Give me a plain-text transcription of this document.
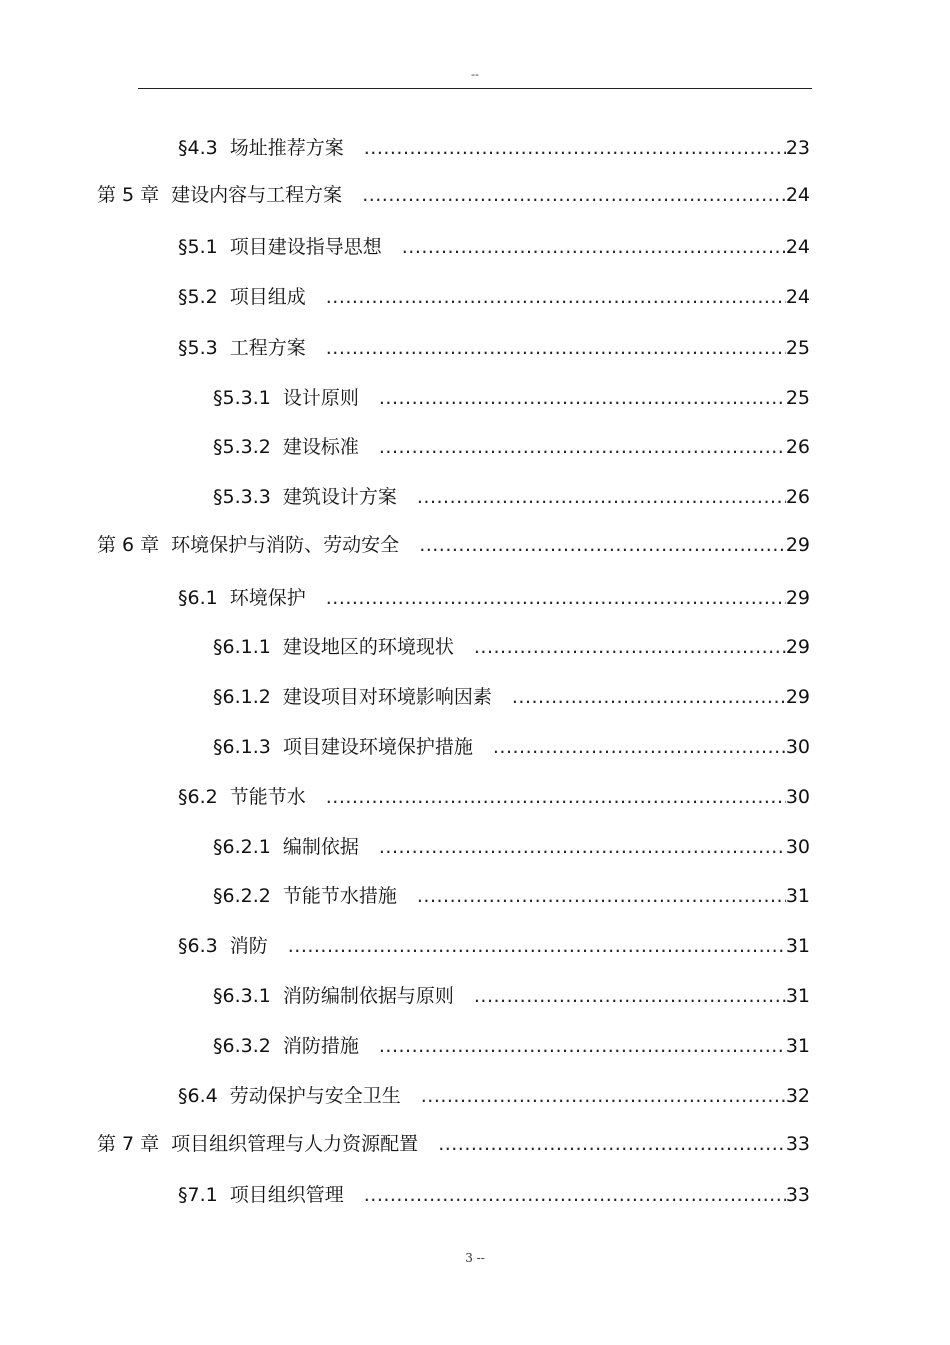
--
§4.3 场址推荐方案 .....	23
第 5 章 建设内容与工程方案 .....	24
§5.1 项目建设指导思想 .....	24
§5.2 项目组成 .....	24
§5.3 工程方案 .....	25
§5.3.1 设计原则 .....	25
§5.3.2 建设标准 .....	26
§5.3.3 建筑设计方案 .....	26
第 6 章 环境保护与消防、劳动安全 .....	29
§6.1 环境保护 .....	29
§6.1.1 建设地区的环境现状 .....	29
§6.1.2 建设项目对环境影响因素 .....	29
§6.1.3 项目建设环境保护措施 .....	30
§6.2 节能节水 .....	30
§6.2.1 编制依据 .....	30
§6.2.2 节能节水措施 .....	31
§6.3 消防 .....	31
§6.3.1 消防编制依据与原则 .....	31
§6.3.2 消防措施 .....	31
§6.4 劳动保护与安全卫生 .....	32
第 7 章 项目组织管理与人力资源配置 .....	33
§7.1 项目组织管理 .....	33
3 --
